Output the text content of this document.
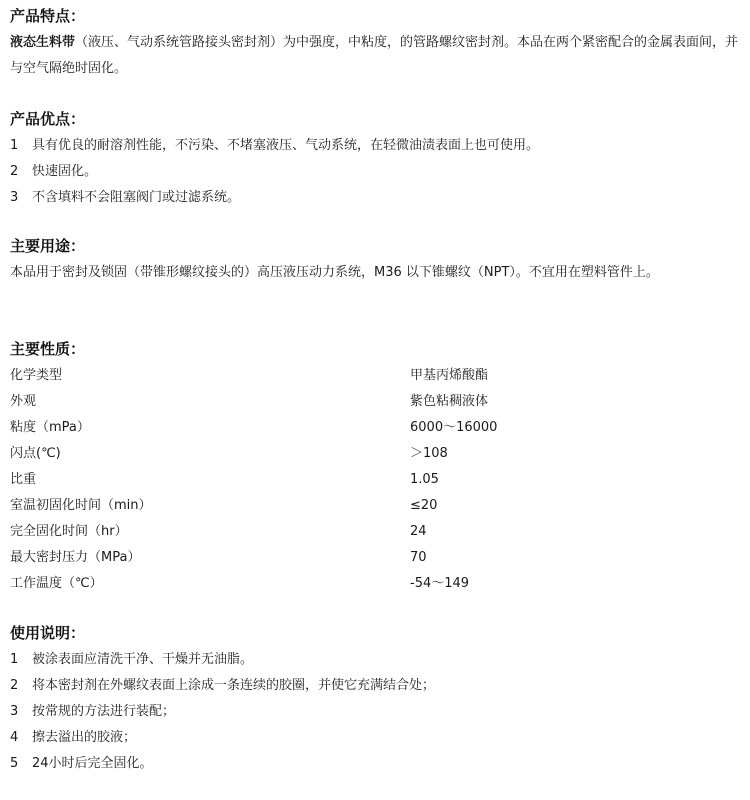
产品特点：

液态生料带（液压、气动系统管路接头密封剂）为中强度，中粘度，的管路螺纹密封剂。本品在两个紧密配合的金属表面间，并与空气隔绝时固化。

产品优点：
1 具有优良的耐溶剂性能，不污染、不堵塞液压、气动系统，在轻微油渍表面上也可使用。
2 快速固化。
3 不含填料不会阻塞阀门或过滤系统。
主要用途：

本品用于密封及锁固（带锥形螺纹接头的）高压液压动力系统，M36 以下锥螺纹（NPT）。不宜用在塑料管件上。

主要性质：
化学类型	甲基丙烯酸酯
外观	紫色粘稠液体
粘度（mPa）	6000～16000
闪点(℃)	＞108
比重	1.05
室温初固化时间（min）	≤20
完全固化时间（hr）	24
最大密封压力（MPa）	70
工作温度（℃）	-54～149
使用说明：
1 被涂表面应清洗干净、干燥并无油脂。
2 将本密封剂在外螺纹表面上涂成一条连续的胶圈，并使它充满结合处；
3 按常规的方法进行装配；
4 擦去溢出的胶液；
5 24小时后完全固化。
